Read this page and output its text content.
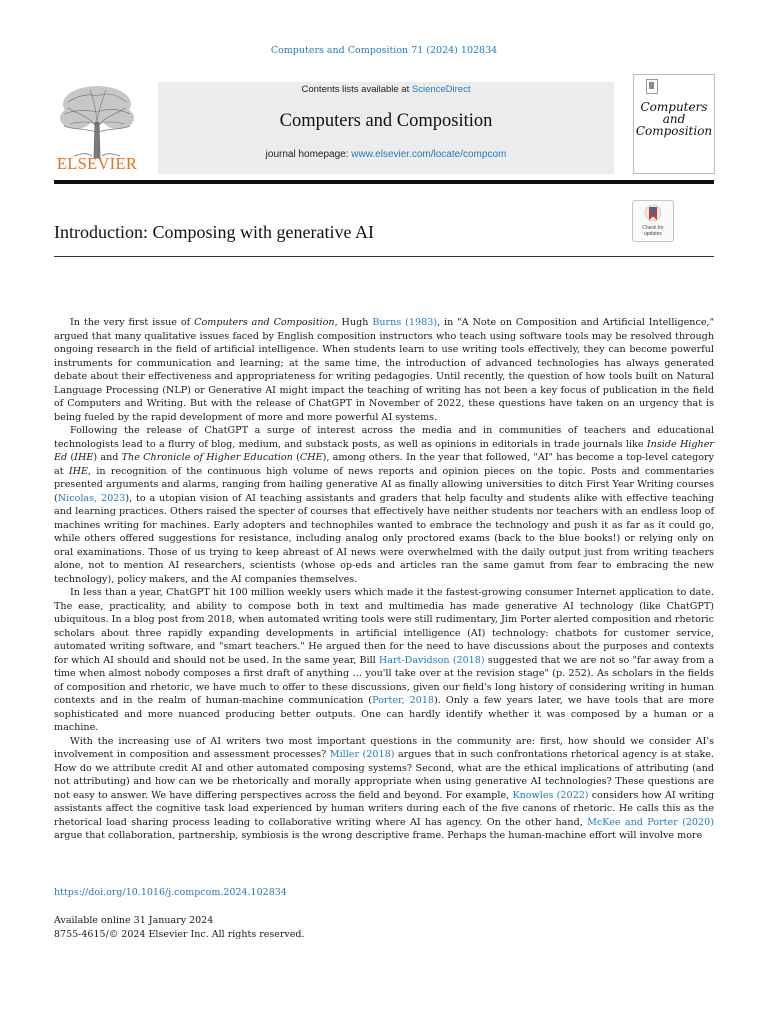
Computers and Composition 71 (2024) 102834
ELSEVIER
Contents lists available at ScienceDirect
Computers and Composition
journal homepage: www.elsevier.com/locate/compcom
Computers and Composition
Introduction: Composing with generative AI	Check for updates

In the very first issue of Computers and Composition, Hugh Burns (1983), in "A Note on Composition and Artificial Intelligence," argued that many qualitative issues faced by English composition instructors who teach using software tools may be resolved through ongoing research in the field of artificial intelligence. When students learn to use writing tools effectively, they can become powerful instruments for communication and learning; at the same time, the introduction of advanced technologies has always generated debate about their effectiveness and appropriateness for writing pedagogies. Until recently, the question of how tools built on Natural Language Processing (NLP) or Generative AI might impact the teaching of writing has not been a key focus of publication in the field of Computers and Writing. But with the release of ChatGPT in November of 2022, these questions have taken on an urgency that is being fueled by the rapid development of more and more powerful AI systems.

Following the release of ChatGPT a surge of interest across the media and in communities of teachers and educational technologists lead to a flurry of blog, medium, and substack posts, as well as opinions in editorials in trade journals like Inside Higher Ed (IHE) and The Chronicle of Higher Education (CHE), among others. In the year that followed, "AI" has become a top-level category at IHE, in recognition of the continuous high volume of news reports and opinion pieces on the topic. Posts and commentaries presented arguments and alarms, ranging from hailing generative AI as finally allowing universities to ditch First Year Writing courses (Nicolas, 2023), to a utopian vision of AI teaching assistants and graders that help faculty and students alike with effective teaching and learning practices. Others raised the specter of courses that effectively have neither students nor teachers with an endless loop of machines writing for machines. Early adopters and technophiles wanted to embrace the technology and push it as far as it could go, while others offered suggestions for resistance, including analog only proctored exams (back to the blue books!) or relying only on oral examinations. Those of us trying to keep abreast of AI news were overwhelmed with the daily output just from writing teachers alone, not to mention AI researchers, scientists (whose op-eds and articles ran the same gamut from fear to embracing the new technology), policy makers, and the AI companies themselves.

In less than a year, ChatGPT hit 100 million weekly users which made it the fastest-growing consumer Internet application to date. The ease, practicality, and ability to compose both in text and multimedia has made generative AI technology (like ChatGPT) ubiquitous. In a blog post from 2018, when automated writing tools were still rudimentary, Jim Porter alerted composition and rhetoric scholars about three rapidly expanding developments in artificial intelligence (AI) technology: chatbots for customer service, automated writing software, and "smart teachers." He argued then for the need to have discussions about the purposes and contexts for which AI should and should not be used. In the same year, Bill Hart-Davidson (2018) suggested that we are not so "far away from a time when almost nobody composes a first draft of anything … you'll take over at the revision stage" (p. 252). As scholars in the fields of composition and rhetoric, we have much to offer to these discussions, given our field's long history of considering writing in human contexts and in the realm of human-machine communication (Porter, 2018). Only a few years later, we have tools that are more sophisticated and more nuanced producing better outputs. One can hardly identify whether it was composed by a human or a machine.

With the increasing use of AI writers two most important questions in the community are: first, how should we consider AI's involvement in composition and assessment processes? Miller (2018) argues that in such confrontations rhetorical agency is at stake. How do we attribute credit AI and other automated composing systems? Second, what are the ethical implications of attributing (and not attributing) and how can we be rhetorically and morally appropriate when using generative AI technologies? These questions are not easy to answer. We have differing perspectives across the field and beyond. For example, Knowles (2022) considers how AI writing assistants affect the cognitive task load experienced by human writers during each of the five canons of rhetoric. He calls this as the rhetorical load sharing process leading to collaborative writing where AI has agency. On the other hand, McKee and Porter (2020) argue that collaboration, partnership, symbiosis is the wrong descriptive frame. Perhaps the human-machine effort will involve more

https://doi.org/10.1016/j.compcom.2024.102834
Available online 31 January 2024
8755-4615/© 2024 Elsevier Inc. All rights reserved.
